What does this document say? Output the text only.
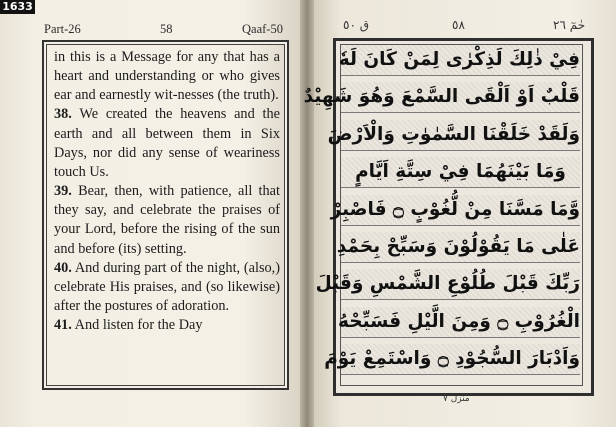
1633
Part-26	58	Qaaf-50

in this is a Message for any that has a heart and understanding or who gives ear and earnestly wit-nesses (the truth).

38. We created the heavens and the earth and all between them in Six Days, nor did any sense of weariness touch Us.

39. Bear, then, with patience, all that they say, and celebrate the praises of your Lord, before the rising of the sun and before (its) setting.

40. And during part of the night, (also,) celebrate His praises, and (so likewise) after the postures of adoration.

41. And listen for the Day

ق ٥٠	٥٨	حٰمٓ ٢٦
فِيْ ذٰلِكَ لَذِكْرٰى لِمَنْ كَانَ لَهٗ
قَلْبٌ اَوْ اَلْقَى السَّمْعَ وَهُوَ شَهِيْدٌ
وَلَقَدْ خَلَقْنَا السَّمٰوٰتِ وَالْاَرْضَ
وَمَا بَيْنَهُمَا فِيْ سِتَّةِ اَيَّامٍ
وَّمَا مَسَّنَا مِنْ لُّغُوْبٍ ۝ فَاصْبِرْ
عَلٰى مَا يَقُوْلُوْنَ وَسَبِّحْ بِحَمْدِ
رَبِّكَ قَبْلَ طُلُوْعِ الشَّمْسِ وَقَبْلَ
الْغُرُوْبِ ۝ وَمِنَ الَّيْلِ فَسَبِّحْهُ
وَاَدْبَارَ السُّجُوْدِ ۝ وَاسْتَمِعْ يَوْمَ
منزل ٧
